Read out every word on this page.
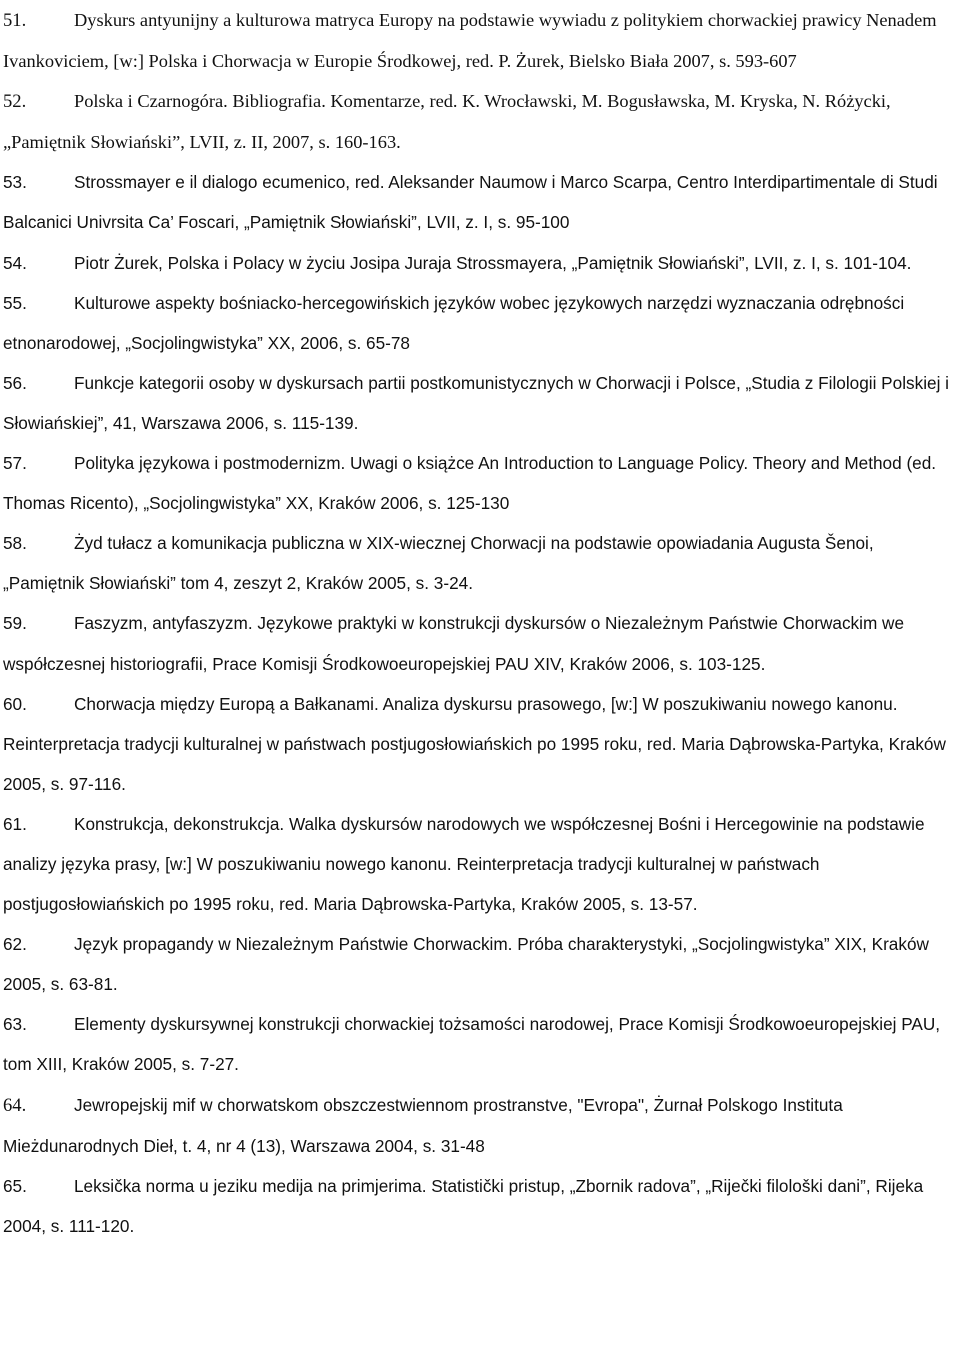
51.	Dyskurs antyunijny a kulturowa matryca Europy na podstawie wywiadu z politykiem chorwackiej prawicy Nenadem Ivankoviciem, [w:] Polska i Chorwacja w Europie Środkowej, red. P. Żurek, Bielsko Biała 2007, s. 593-607

52.	Polska i Czarnogóra. Bibliografia. Komentarze, red. K. Wrocławski, M. Bogusławska, M. Kryska, N. Różycki, „Pamiętnik Słowiański”, LVII, z. II, 2007, s. 160-163.

53.	Strossmayer e il dialogo ecumenico, red. Aleksander Naumow i Marco Scarpa, Centro Interdipartimentale di Studi Balcanici Univrsita Ca’ Foscari, „Pamiętnik Słowiański”, LVII, z. I, s. 95-100

54.	Piotr Żurek, Polska i Polacy w życiu Josipa Juraja Strossmayera, „Pamiętnik Słowiański”, LVII, z. I, s. 101-104.

55.	Kulturowe aspekty bośniacko-hercegowińskich języków wobec językowych narzędzi wyznaczania odrębności etnonarodowej, „Socjolingwistyka” XX, 2006, s. 65-78

56.	Funkcje kategorii osoby w dyskursach partii postkomunistycznych w Chorwacji i Polsce, „Studia z Filologii Polskiej i Słowiańskiej”, 41, Warszawa 2006, s. 115-139.

57.	Polityka językowa i postmodernizm. Uwagi o książce An Introduction to Language Policy. Theory and Method (ed. Thomas Ricento), „Socjolingwistyka” XX, Kraków 2006, s. 125-130

58.	Żyd tułacz a komunikacja publiczna w XIX-wiecznej Chorwacji na podstawie opowiadania Augusta Šenoi, „Pamiętnik Słowiański” tom 4, zeszyt 2, Kraków 2005, s. 3-24.

59.	Faszyzm, antyfaszyzm. Językowe praktyki w konstrukcji dyskursów o Niezależnym Państwie Chorwackim we współczesnej historiografii, Prace Komisji Środkowoeuropejskiej PAU XIV, Kraków 2006, s. 103-125.

60.	Chorwacja między Europą a Bałkanami. Analiza dyskursu prasowego, [w:] W poszukiwaniu nowego kanonu. Reinterpretacja tradycji kulturalnej w państwach postjugosłowiańskich po 1995 roku, red. Maria Dąbrowska-Partyka, Kraków 2005, s. 97-116.

61.	Konstrukcja, dekonstrukcja. Walka dyskursów narodowych we współczesnej Bośni i Hercegowinie na podstawie analizy języka prasy, [w:] W poszukiwaniu nowego kanonu. Reinterpretacja tradycji kulturalnej w państwach postjugosłowiańskich po 1995 roku, red. Maria Dąbrowska-Partyka, Kraków 2005, s. 13-57.

62.	Język propagandy w Niezależnym Państwie Chorwackim. Próba charakterystyki, „Socjolingwistyka” XIX, Kraków 2005, s. 63-81.

63.	Elementy dyskursywnej konstrukcji chorwackiej tożsamości narodowej, Prace Komisji Środkowoeuropejskiej PAU, tom XIII, Kraków 2005, s. 7-27.

64.	Jewropejskij mif w chorwatskom obszczestwiennom prostranstve, "Evropa", Żurnał Polskogo Instituta Mieżdunarodnych Dieł, t. 4, nr 4 (13), Warszawa 2004, s. 31-48

65.	Leksička norma u jeziku medija na primjerima. Statistički pristup, „Zbornik radova”, „Riječki filološki dani”, Rijeka 2004, s. 111-120.
